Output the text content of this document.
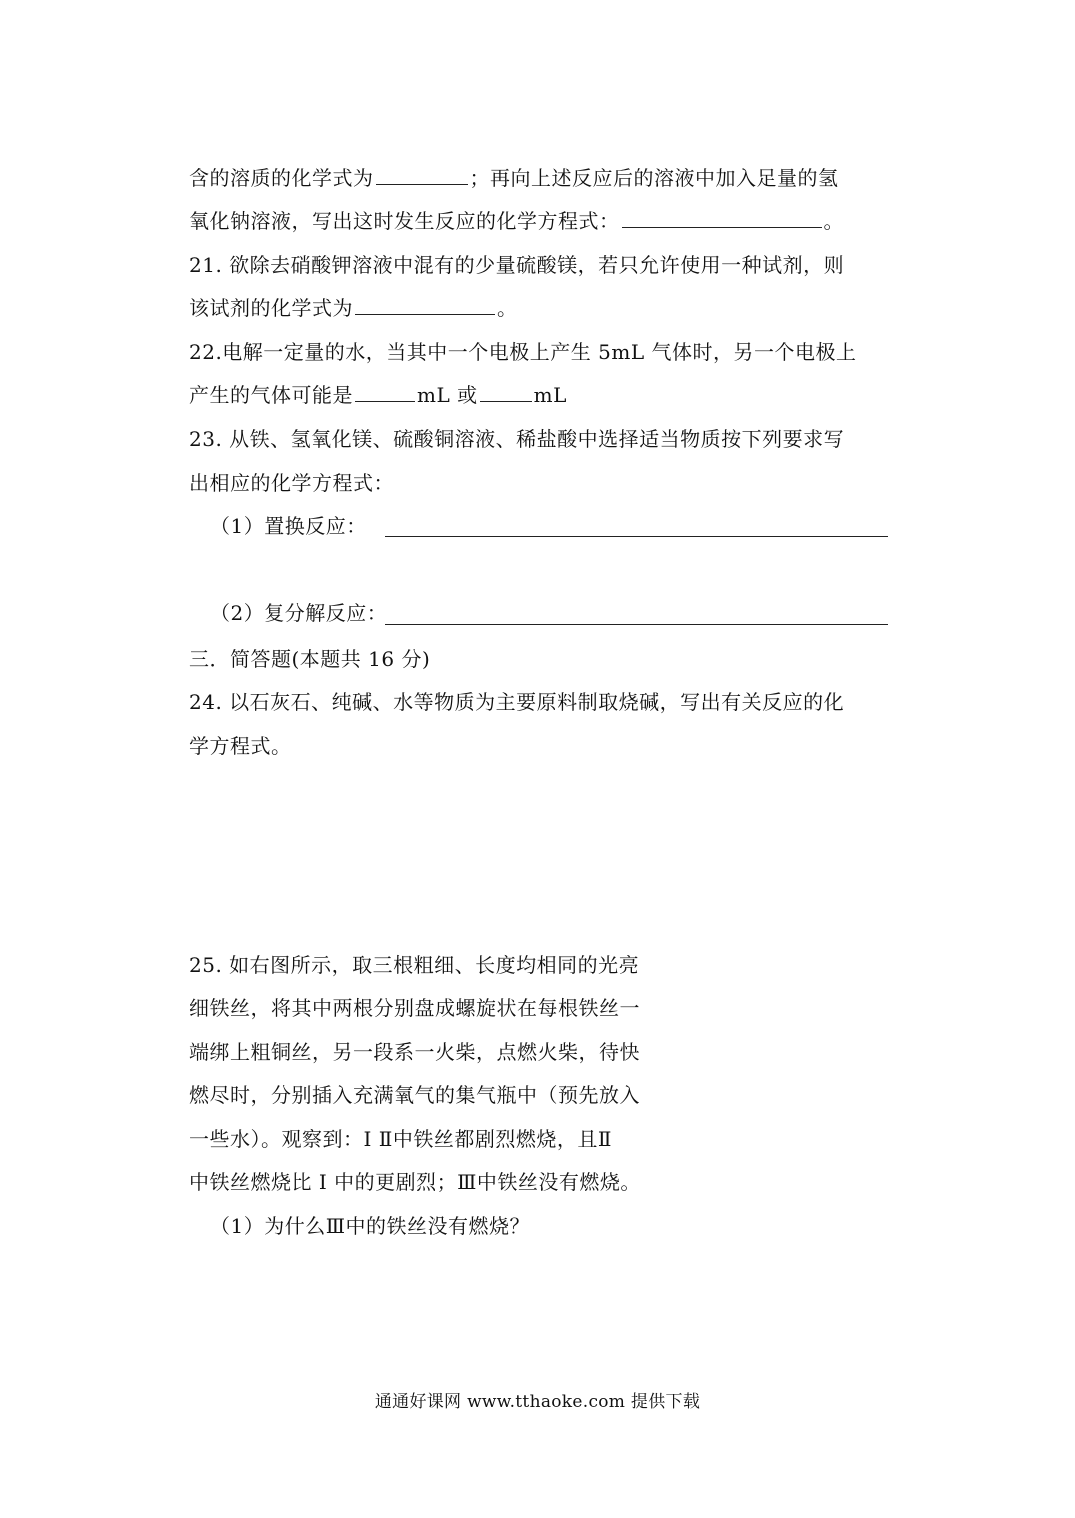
含的溶质的化学式为	；再向上述反应后的溶液中加入足量的氢
氧化钠溶液，写出这时发生反应的化学方程式：	。
21. 欲除去硝酸钾溶液中混有的少量硫酸镁，若只允许使用一种试剂，则
该试剂的化学式为	。
22.电解一定量的水，当其中一个电极上产生 5mL 气体时，另一个电极上
产生的气体可能是	mL 或	mL
23. 从铁、氢氧化镁、硫酸铜溶液、稀盐酸中选择适当物质按下列要求写
出相应的化学方程式：
（1）置换反应：
（2）复分解反应：
三．简答题(本题共 16 分)
24. 以石灰石、纯碱、水等物质为主要原料制取烧碱，写出有关反应的化
学方程式。
25. 如右图所示，取三根粗细、长度均相同的光亮
细铁丝，将其中两根分别盘成螺旋状在每根铁丝一
端绑上粗铜丝，另一段系一火柴，点燃火柴，待快
燃尽时，分别插入充满氧气的集气瓶中（预先放入
一些水）。观察到：Ⅰ Ⅱ中铁丝都剧烈燃烧，且Ⅱ
中铁丝燃烧比 Ⅰ 中的更剧烈；Ⅲ中铁丝没有燃烧。
（1）为什么Ⅲ中的铁丝没有燃烧？
通通好课网 www.tthaoke.com 提供下载
